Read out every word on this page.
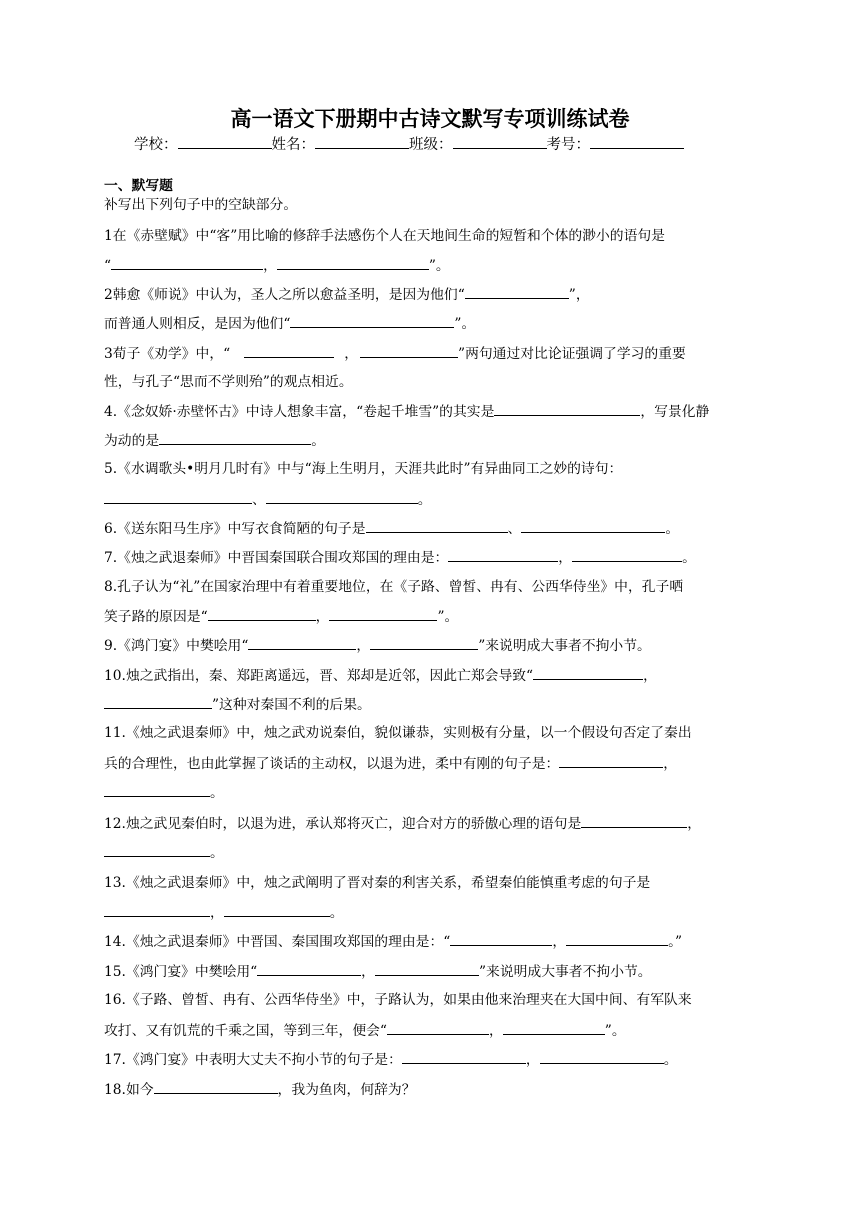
高一语文下册期中古诗文默写专项训练试卷
学校：	姓名：	班级：	考号：
一、默写题
补写出下列句子中的空缺部分。
1在《赤壁赋》中“客”用比喻的修辞手法感伤个人在天地间生命的短暂和个体的渺小的语句是
“	，	”。
2韩愈《师说》中认为，圣人之所以愈益圣明，是因为他们“	”，
而普通人则相反，是因为他们“	”。
3荀子《劝学》中，“	，	”两句通过对比论证强调了学习的重要
性，与孔子“思而不学则殆”的观点相近。
4.《念奴娇·赤壁怀古》中诗人想象丰富，“卷起千堆雪”的其实是	，写景化静
为动的是	。
5.《水调歌头•明月几时有》中与“海上生明月，天涯共此时”有异曲同工之妙的诗句：
、	。
6.《送东阳马生序》中写衣食简陋的句子是	、	。
7.《烛之武退秦师》中晋国秦国联合围攻郑国的理由是：	，	。
8.孔子认为“礼”在国家治理中有着重要地位，在《子路、曾皙、冉有、公西华侍坐》中，孔子哂
笑子路的原因是“	，	”。
9.《鸿门宴》中樊哙用“	，	”来说明成大事者不拘小节。
10.烛之武指出，秦、郑距离遥远，晋、郑却是近邻，因此亡郑会导致“	，
”这种对秦国不利的后果。
11.《烛之武退秦师》中，烛之武劝说秦伯，貌似谦恭，实则极有分量，以一个假设句否定了秦出
兵的合理性，也由此掌握了谈话的主动权，以退为进，柔中有刚的句子是：	，
。
12.烛之武见秦伯时，以退为进，承认郑将灭亡，迎合对方的骄傲心理的语句是	，
。
13.《烛之武退秦师》中，烛之武阐明了晋对秦的利害关系，希望秦伯能慎重考虑的句子是
，	。
14.《烛之武退秦师》中晋国、秦国围攻郑国的理由是：“	，	。”
15.《鸿门宴》中樊哙用“	，	”来说明成大事者不拘小节。
16.《子路、曾皙、冉有、公西华侍坐》中，子路认为，如果由他来治理夹在大国中间、有军队来
攻打、又有饥荒的千乘之国，等到三年，便会“	，	”。
17.《鸿门宴》中表明大丈夫不拘小节的句子是：	，	。
18.如今	，我为鱼肉，何辞为？
